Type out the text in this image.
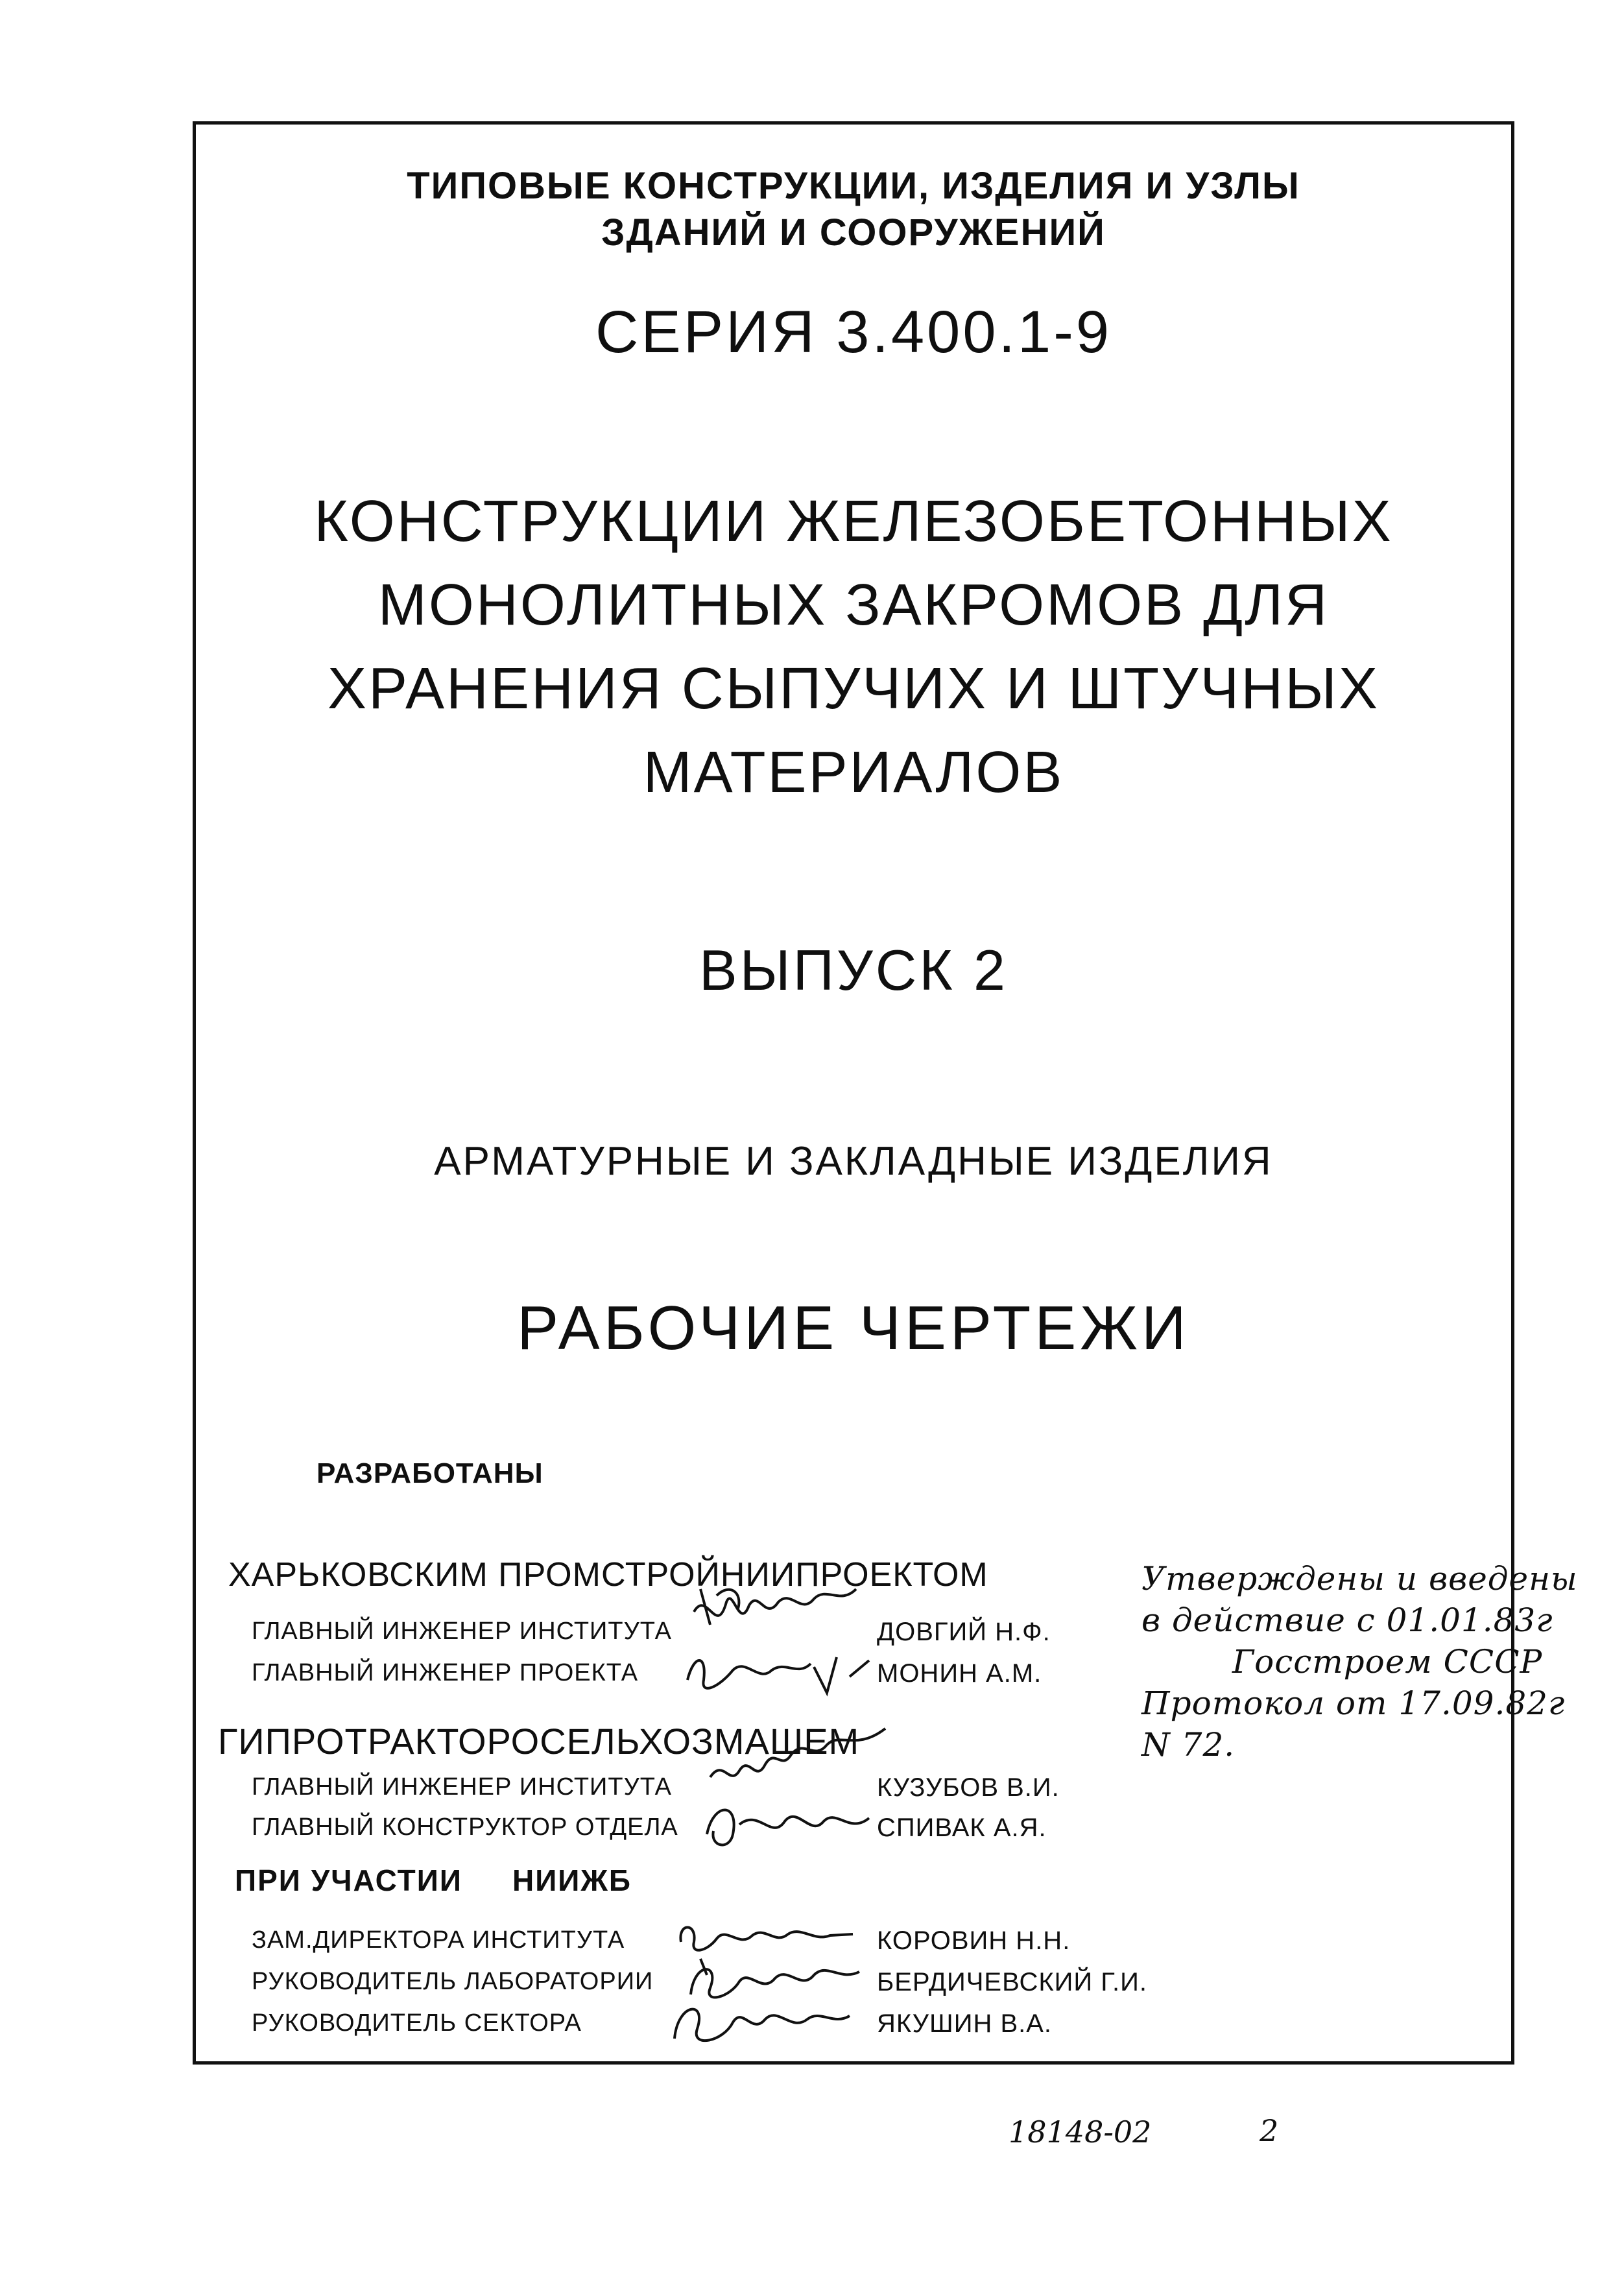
ТИПОВЫЕ КОНСТРУКЦИИ, ИЗДЕЛИЯ И УЗЛЫ
ЗДАНИЙ И СООРУЖЕНИЙ
СЕРИЯ 3.400.1-9
КОНСТРУКЦИИ ЖЕЛЕЗОБЕТОННЫХ
МОНОЛИТНЫХ ЗАКРОМОВ ДЛЯ
ХРАНЕНИЯ СЫПУЧИХ И ШТУЧНЫХ
МАТЕРИАЛОВ
ВЫПУСК 2
АРМАТУРНЫЕ И ЗАКЛАДНЫЕ ИЗДЕЛИЯ
РАБОЧИЕ ЧЕРТЕЖИ
РАЗРАБОТАНЫ
ХАРЬКОВСКИМ ПРОМСТРОЙНИИПРОЕКТОМ
ГЛАВНЫЙ ИНЖЕНЕР ИНСТИТУТА	ДОВГИЙ Н.Ф.
ГЛАВНЫЙ ИНЖЕНЕР ПРОЕКТА	МОНИН А.М.
ГИПРОТРАКТОРОСЕЛЬХОЗМАШЕМ
ГЛАВНЫЙ ИНЖЕНЕР ИНСТИТУТА	КУЗУБОВ В.И.
ГЛАВНЫЙ КОНСТРУКТОР ОТДЕЛА	СПИВАК А.Я.
ПРИ УЧАСТИИ НИИЖБ
ЗАМ.ДИРЕКТОРА ИНСТИТУТА	КОРОВИН Н.Н.
РУКОВОДИТЕЛЬ ЛАБОРАТОРИИ	БЕРДИЧЕВСКИЙ Г.И.
РУКОВОДИТЕЛЬ СЕКТОРА	ЯКУШИН В.А.
Утверждены и введены
в действие с 01.01.83г
Госстроем СССР
Протокол от 17.09.82г
N 72.
18148-02	2
